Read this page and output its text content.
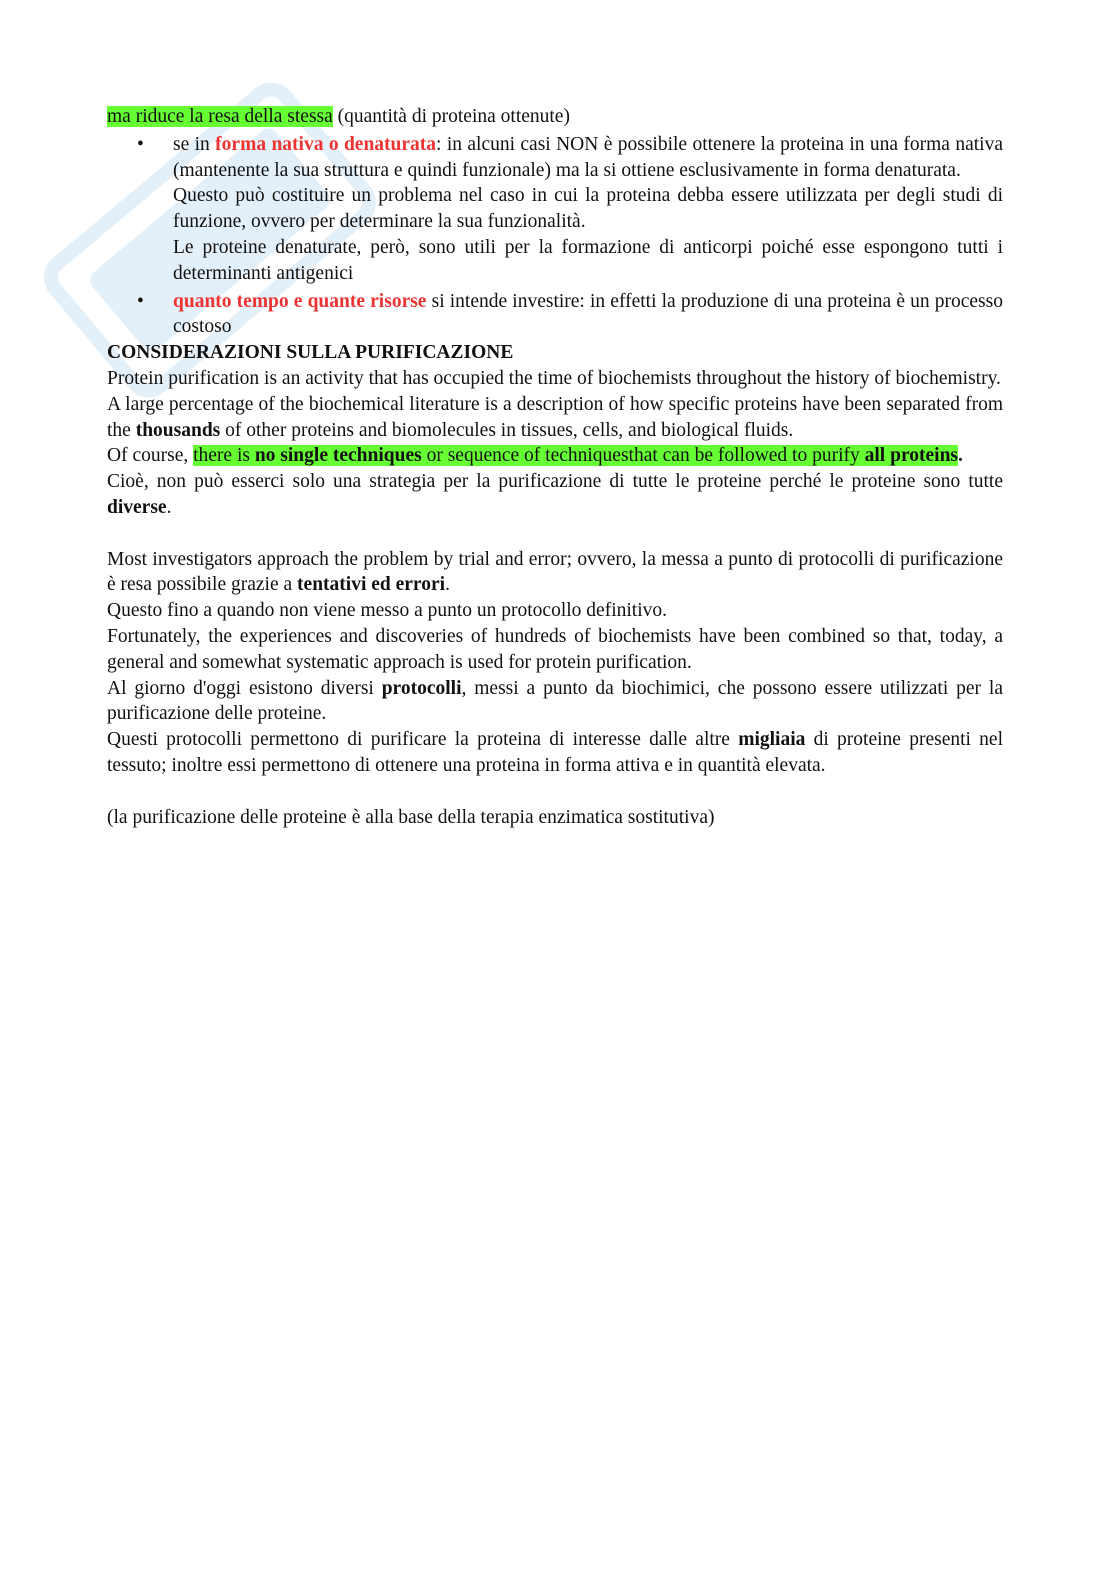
ma riduce la resa della stessa (quantità di proteina ottenute)
• se in forma nativa o denaturata: in alcuni casi NON è possibile ottenere la proteina in una forma nativa (mantenente la sua struttura e quindi funzionale) ma la si ottiene esclusivamente in forma denaturata.
Questo può costituire un problema nel caso in cui la proteina debba essere utilizzata per degli studi di funzione, ovvero per determinare la sua funzionalità.
Le proteine denaturate, però, sono utili per la formazione di anticorpi poiché esse espongono tutti i determinanti antigenici
• quanto tempo e quante risorse si intende investire: in effetti la produzione di una proteina è un processo costoso
CONSIDERAZIONI SULLA PURIFICAZIONE
Protein purification is an activity that has occupied the time of biochemists throughout the history of biochemistry.
A large percentage of the biochemical literature is a description of how specific proteins have been separated from the thousands of other proteins and biomolecules in tissues, cells, and biological fluids.
Of course, there is no single techniques or sequence of techniquesthat can be followed to purify all proteins.
Cioè, non può esserci solo una strategia per la purificazione di tutte le proteine perché le proteine sono tutte diverse.
Most investigators approach the problem by trial and error; ovvero, la messa a punto di protocolli di purificazione è resa possibile grazie a tentativi ed errori.
Questo fino a quando non viene messo a punto un protocollo definitivo.
Fortunately, the experiences and discoveries of hundreds of biochemists have been combined so that, today, a general and somewhat systematic approach is used for protein purification.
Al giorno d'oggi esistono diversi protocolli, messi a punto da biochimici, che possono essere utilizzati per la purificazione delle proteine.
Questi protocolli permettono di purificare la proteina di interesse dalle altre migliaia di proteine presenti nel tessuto; inoltre essi permettono di ottenere una proteina in forma attiva e in quantità elevata.
(la purificazione delle proteine è alla base della terapia enzimatica sostitutiva)
